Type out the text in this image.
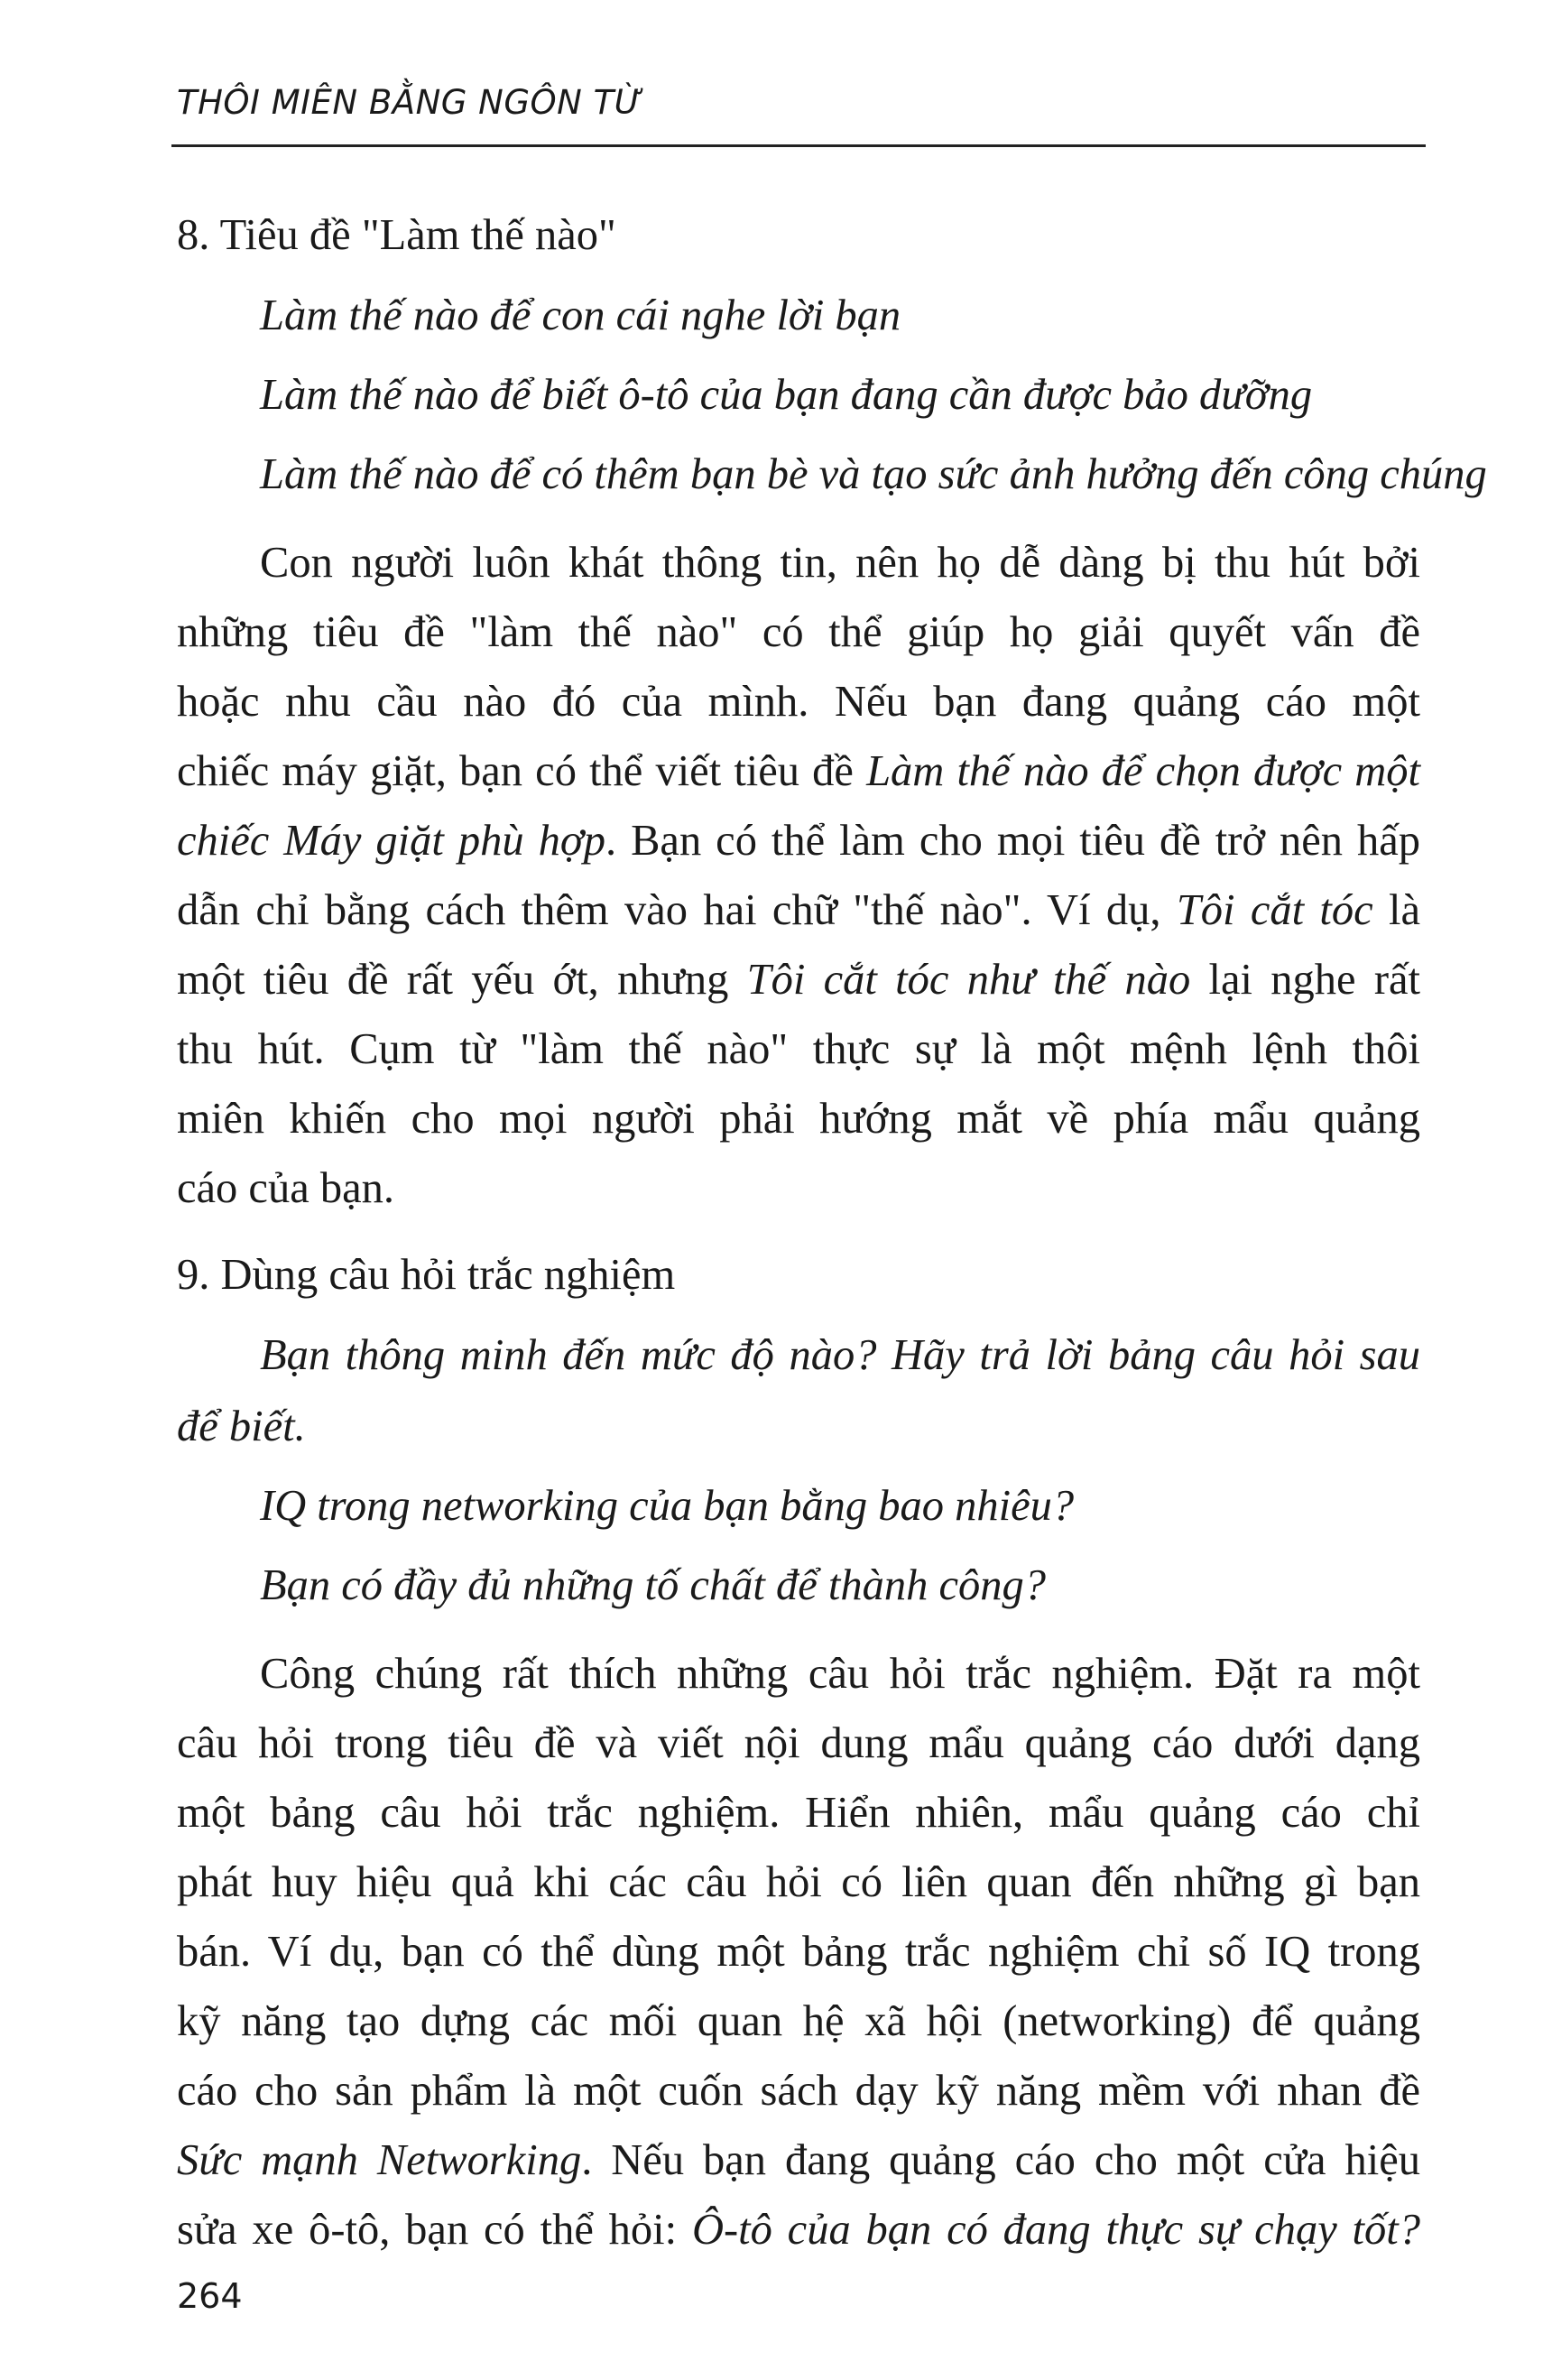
THÔI MIÊN BẰNG NGÔN TỪ
8. Tiêu đề "Làm thế nào"
Làm thế nào để con cái nghe lời bạn
Làm thế nào để biết ô-tô của bạn đang cần được bảo dưỡng
Làm thế nào để có thêm bạn bè và tạo sức ảnh hưởng đến công chúng
Con người luôn khát thông tin, nên họ dễ dàng bị thu hút bởi
những tiêu đề "làm thế nào" có thể giúp họ giải quyết vấn đề
hoặc nhu cầu nào đó của mình. Nếu bạn đang quảng cáo một
chiếc máy giặt, bạn có thể viết tiêu đề Làm thế nào để chọn được một
chiếc Máy giặt phù hợp. Bạn có thể làm cho mọi tiêu đề trở nên hấp
dẫn chỉ bằng cách thêm vào hai chữ "thế nào". Ví dụ, Tôi cắt tóc là
một tiêu đề rất yếu ớt, nhưng Tôi cắt tóc như thế nào lại nghe rất
thu hút. Cụm từ "làm thế nào" thực sự là một mệnh lệnh thôi
miên khiến cho mọi người phải hướng mắt về phía mẩu quảng
cáo của bạn.
9. Dùng câu hỏi trắc nghiệm
Bạn thông minh đến mức độ nào? Hãy trả lời bảng câu hỏi sau
để biết.
IQ trong networking của bạn bằng bao nhiêu?
Bạn có đầy đủ những tố chất để thành công?
Công chúng rất thích những câu hỏi trắc nghiệm. Đặt ra một
câu hỏi trong tiêu đề và viết nội dung mẩu quảng cáo dưới dạng
một bảng câu hỏi trắc nghiệm. Hiển nhiên, mẩu quảng cáo chỉ
phát huy hiệu quả khi các câu hỏi có liên quan đến những gì bạn
bán. Ví dụ, bạn có thể dùng một bảng trắc nghiệm chỉ số IQ trong
kỹ năng tạo dựng các mối quan hệ xã hội (networking) để quảng
cáo cho sản phẩm là một cuốn sách dạy kỹ năng mềm với nhan đề
Sức mạnh Networking. Nếu bạn đang quảng cáo cho một cửa hiệu
sửa xe ô-tô, bạn có thể hỏi: Ô-tô của bạn có đang thực sự chạy tốt?
264
